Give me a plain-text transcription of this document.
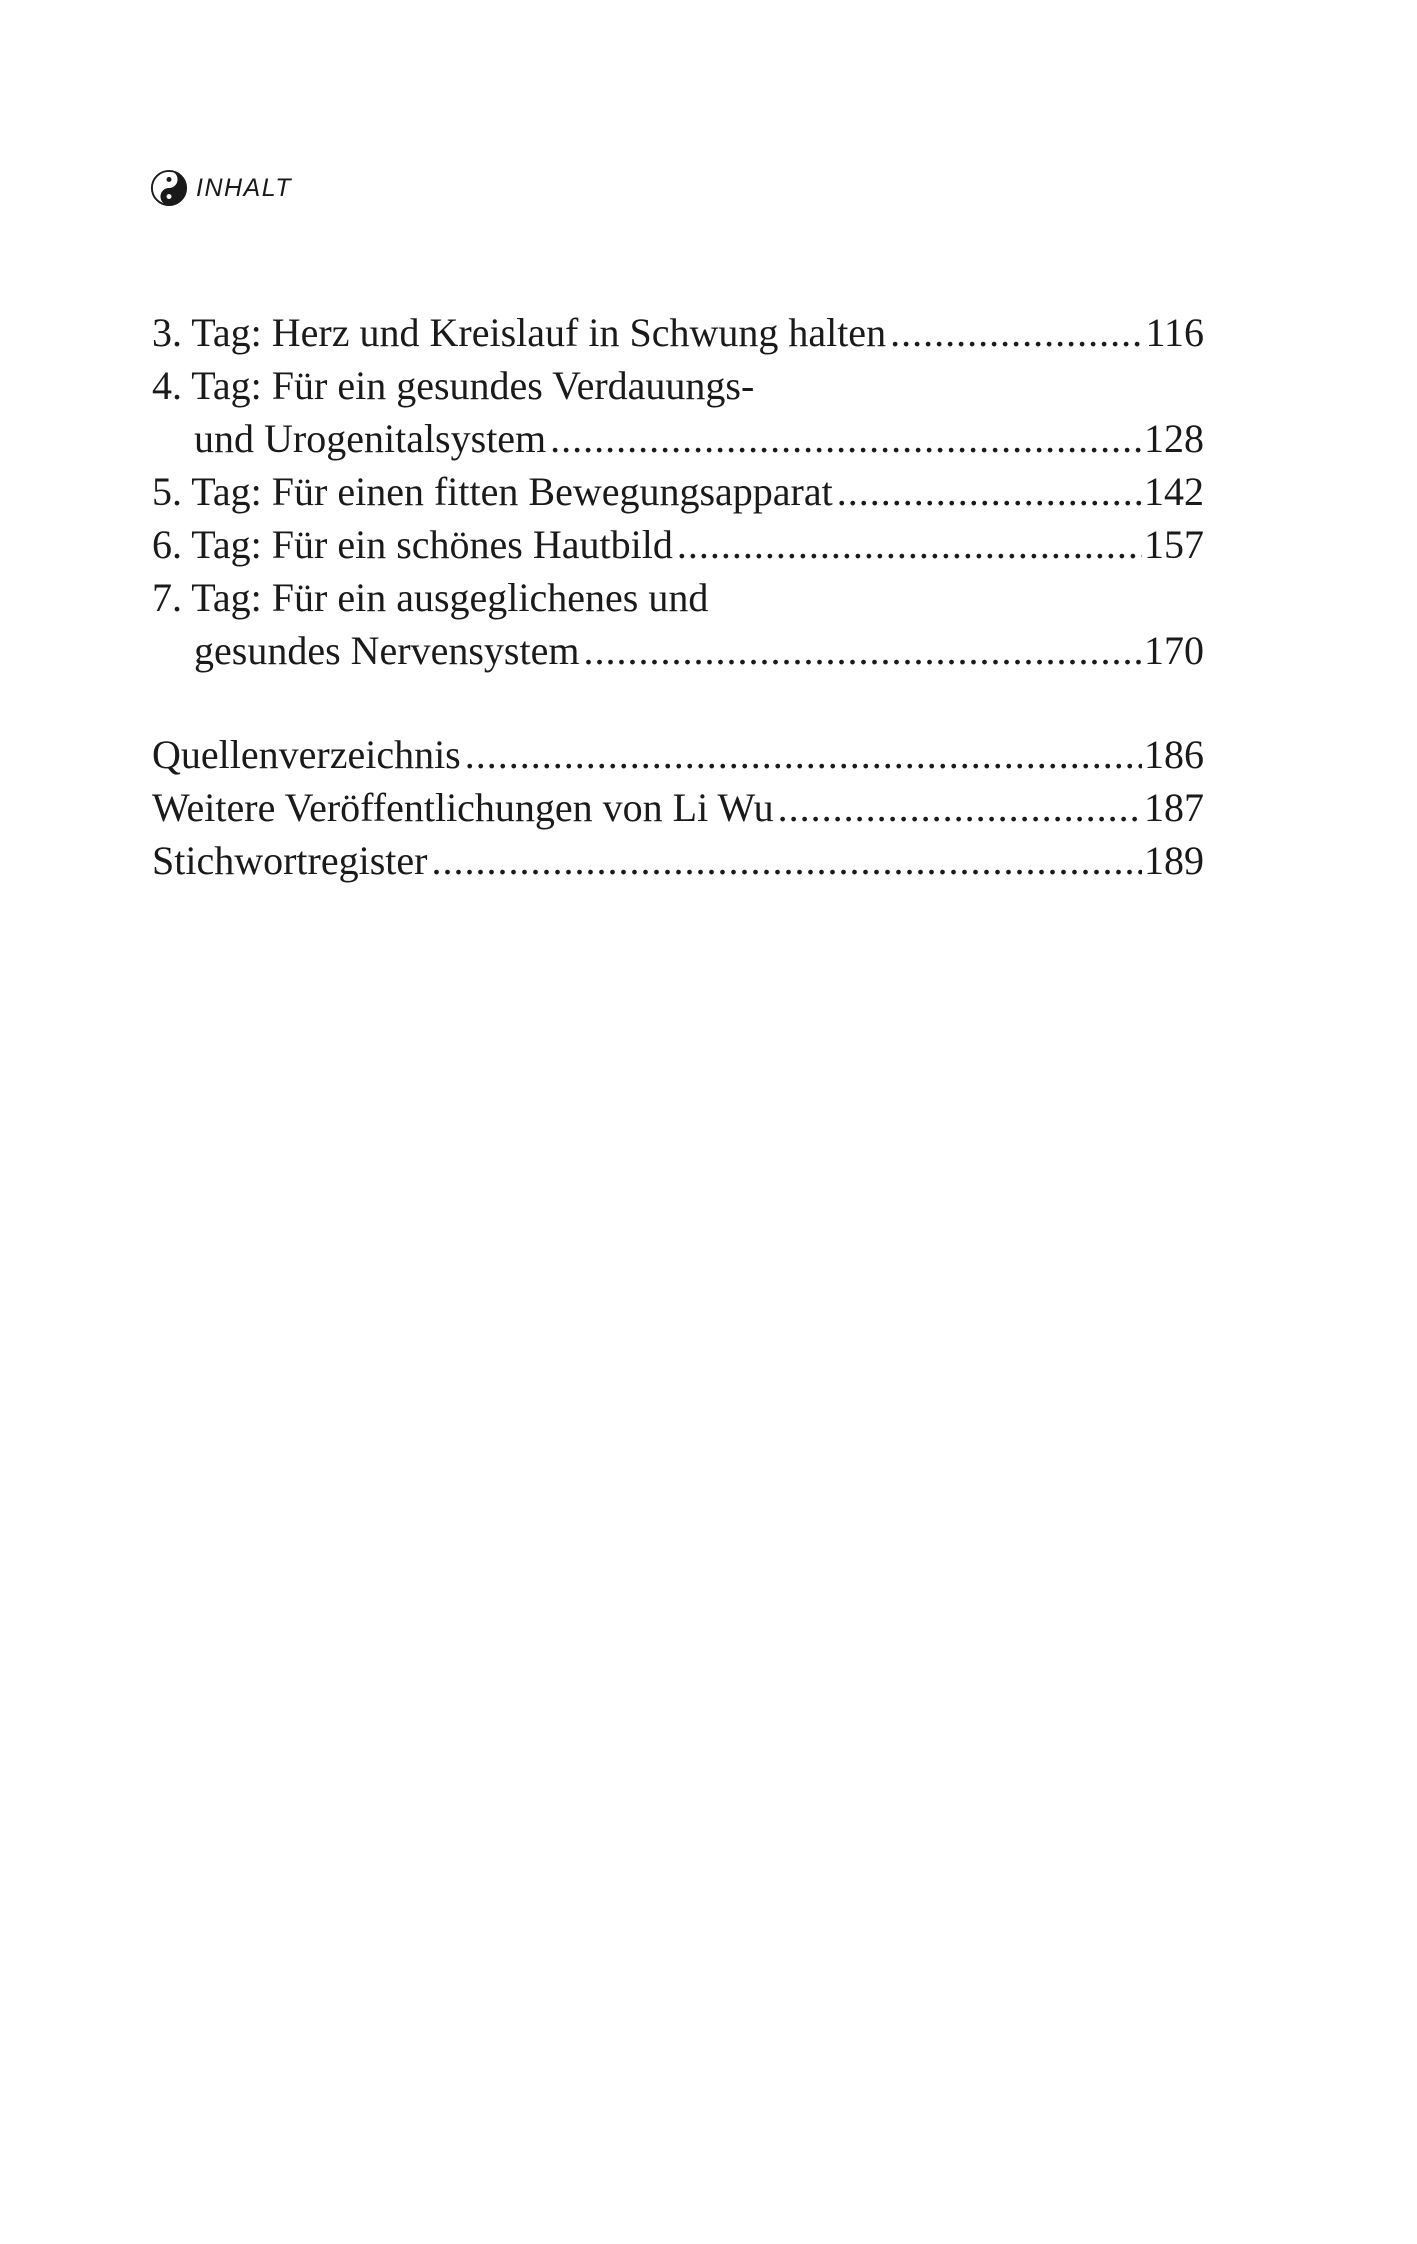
INHALT
3. Tag: Herz und Kreislauf in Schwung halten .....	116
4. Tag: Für ein gesundes Verdauungs-
und Urogenitalsystem .....	128
5. Tag: Für einen fitten Bewegungsapparat .....	142
6. Tag: Für ein schönes Hautbild .....	157
7. Tag: Für ein ausgeglichenes und
gesundes Nervensystem .....	170
Quellenverzeichnis .....	186
Weitere Veröffentlichungen von Li Wu .....	187
Stichwortregister .....	189
